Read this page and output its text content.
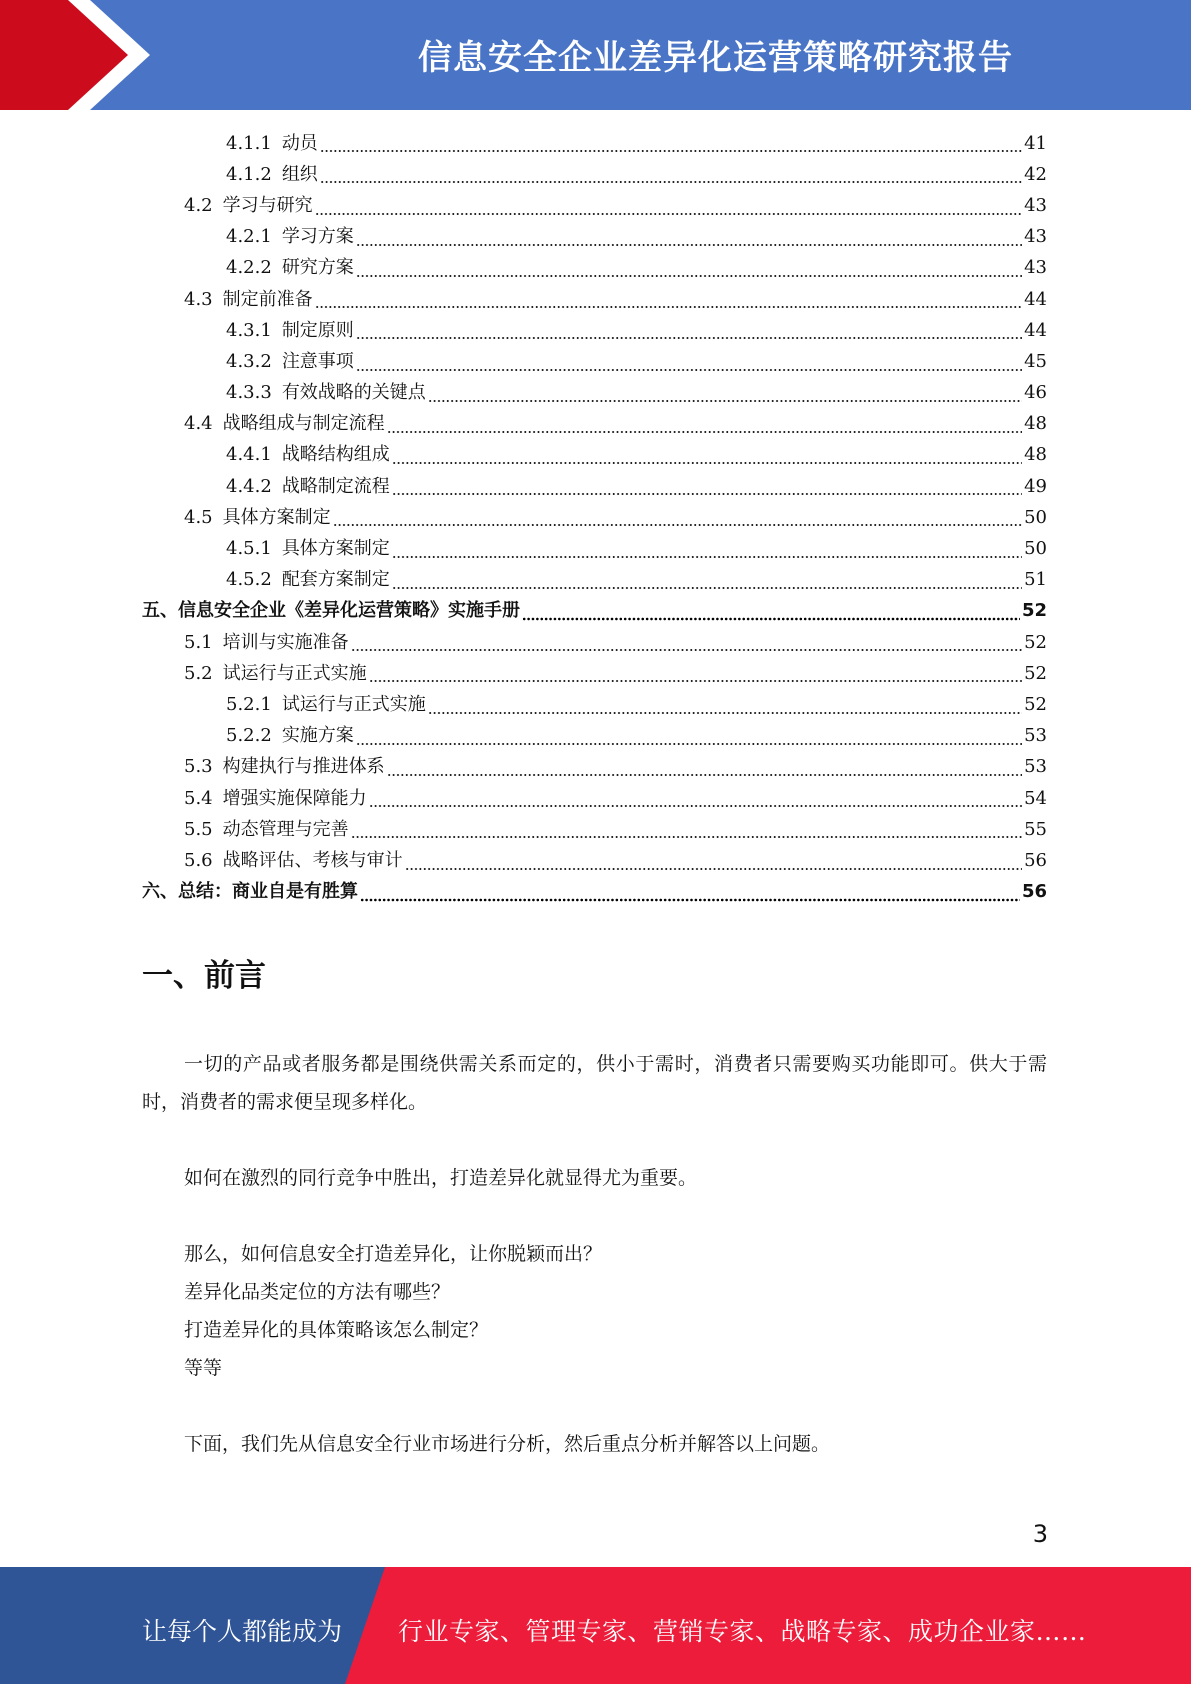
信息安全企业差异化运营策略研究报告
4.1.1 动员	41
4.1.2 组织	42
4.2 学习与研究	43
4.2.1 学习方案	43
4.2.2 研究方案	43
4.3 制定前准备	44
4.3.1 制定原则	44
4.3.2 注意事项	45
4.3.3 有效战略的关键点	46
4.4 战略组成与制定流程	48
4.4.1 战略结构组成	48
4.4.2 战略制定流程	49
4.5 具体方案制定	50
4.5.1 具体方案制定	50
4.5.2 配套方案制定	51
五、信息安全企业《差异化运营策略》实施手册	52
5.1 培训与实施准备	52
5.2 试运行与正式实施	52
5.2.1 试运行与正式实施	52
5.2.2 实施方案	53
5.3 构建执行与推进体系	53
5.4 增强实施保障能力	54
5.5 动态管理与完善	55
5.6 战略评估、考核与审计	56
六、总结：商业自是有胜算	56
一、前言

一切的产品或者服务都是围绕供需关系而定的，供小于需时，消费者只需要购买功能即可。供大于需时，消费者的需求便呈现多样化。

如何在激烈的同行竞争中胜出，打造差异化就显得尤为重要。

那么，如何信息安全打造差异化，让你脱颖而出？

差异化品类定位的方法有哪些？

打造差异化的具体策略该怎么制定？

等等

下面，我们先从信息安全行业市场进行分析，然后重点分析并解答以上问题。

3
让每个人都能成为 行业专家、管理专家、营销专家、战略专家、成功企业家……
